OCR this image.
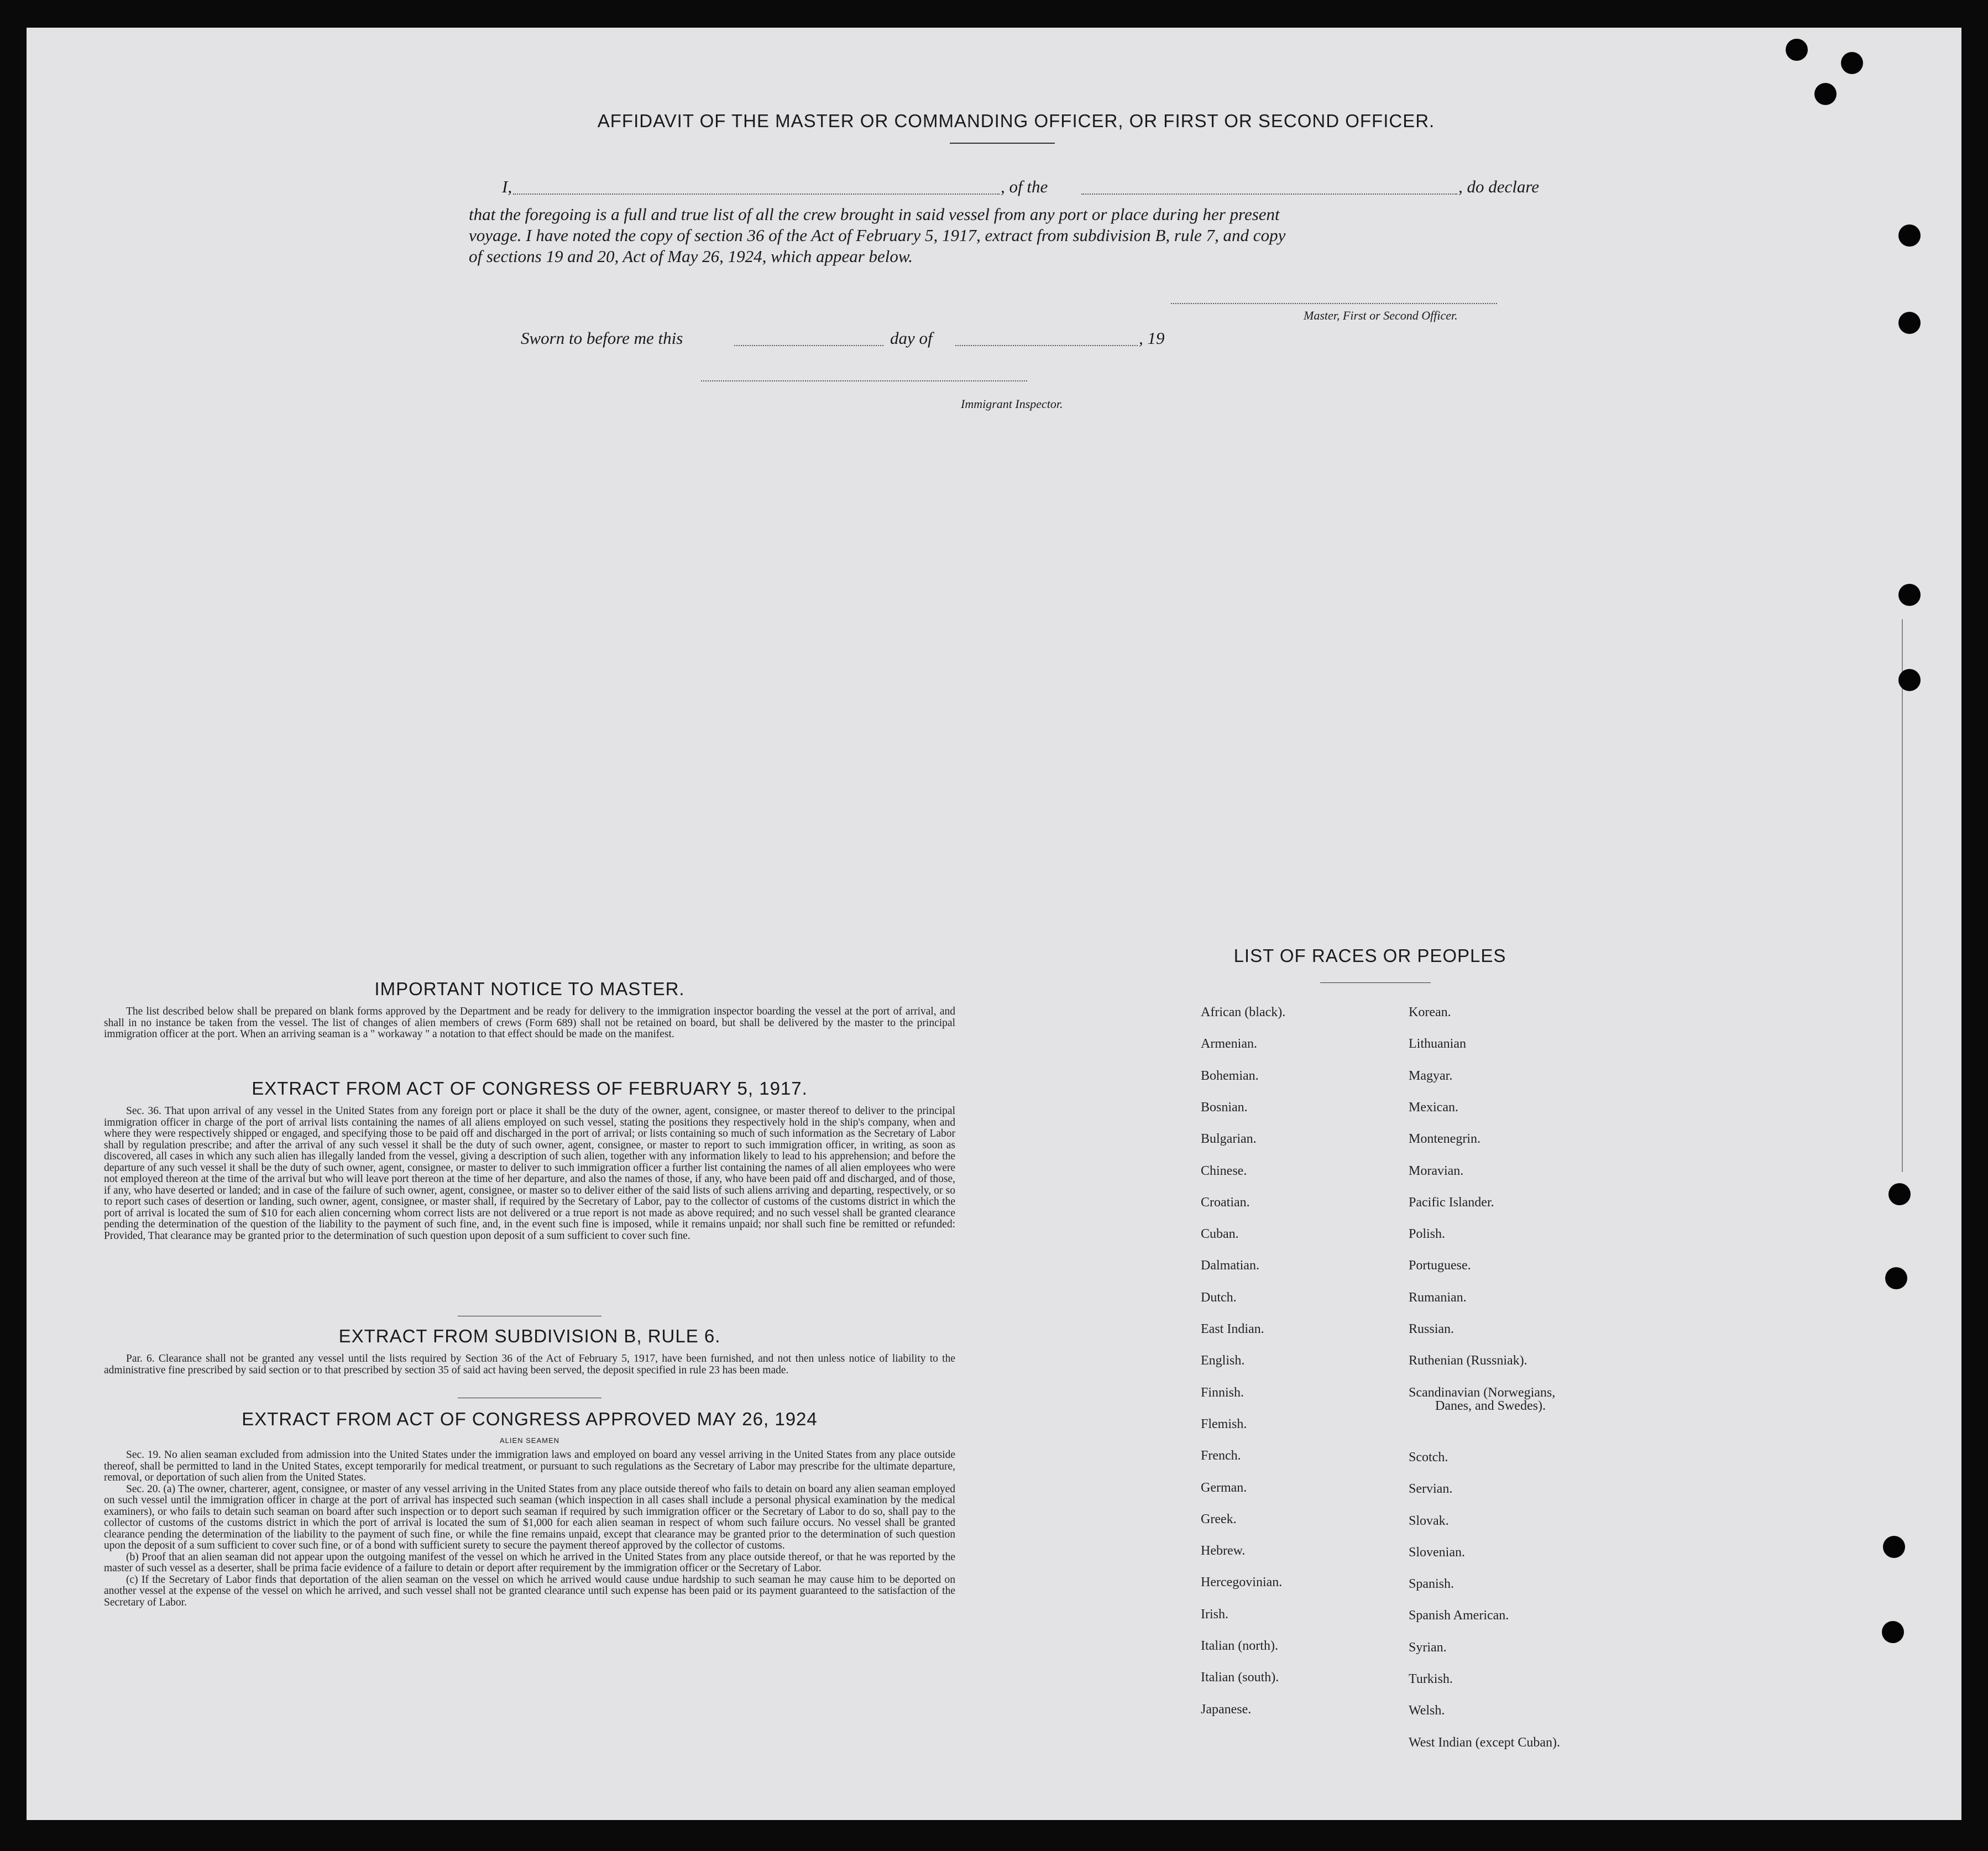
AFFIDAVIT OF THE MASTER OR COMMANDING OFFICER, OR FIRST OR SECOND OFFICER.
I,	, of the	, do declare
that the foregoing is a full and true list of all the crew brought in said vessel from any port or place during her present
voyage. I have noted the copy of section 36 of the Act of February 5, 1917, extract from subdivision B, rule 7, and copy
of sections 19 and 20, Act of May 26, 1924, which appear below.
Master, First or Second Officer.
Sworn to before me this	day of	, 19
Immigrant Inspector.
IMPORTANT NOTICE TO MASTER.

The list described below shall be prepared on blank forms approved by the Department and be ready for delivery to the immigration inspector boarding the vessel at the port of arrival, and shall in no instance be taken from the vessel. The list of changes of alien members of crews (Form 689) shall not be retained on board, but shall be delivered by the master to the principal immigration officer at the port. When an arriving seaman is a " workaway " a notation to that effect should be made on the manifest.

EXTRACT FROM ACT OF CONGRESS OF FEBRUARY 5, 1917.

Sec. 36. That upon arrival of any vessel in the United States from any foreign port or place it shall be the duty of the owner, agent, consignee, or master thereof to deliver to the principal immigration officer in charge of the port of arrival lists containing the names of all aliens employed on such vessel, stating the positions they respectively hold in the ship's company, when and where they were respectively shipped or engaged, and specifying those to be paid off and discharged in the port of arrival; or lists containing so much of such information as the Secretary of Labor shall by regulation prescribe; and after the arrival of any such vessel it shall be the duty of such owner, agent, consignee, or master to report to such immigration officer, in writing, as soon as discovered, all cases in which any such alien has illegally landed from the vessel, giving a description of such alien, together with any information likely to lead to his apprehension; and before the departure of any such vessel it shall be the duty of such owner, agent, consignee, or master to deliver to such immigration officer a further list containing the names of all alien employees who were not employed thereon at the time of the arrival but who will leave port thereon at the time of her departure, and also the names of those, if any, who have been paid off and discharged, and of those, if any, who have deserted or landed; and in case of the failure of such owner, agent, consignee, or master so to deliver either of the said lists of such aliens arriving and departing, respectively, or so to report such cases of desertion or landing, such owner, agent, consignee, or master shall, if required by the Secretary of Labor, pay to the collector of customs of the customs district in which the port of arrival is located the sum of $10 for each alien concerning whom correct lists are not delivered or a true report is not made as above required; and no such vessel shall be granted clearance pending the determination of the question of the liability to the payment of such fine, and, in the event such fine is imposed, while it remains unpaid; nor shall such fine be remitted or refunded: Provided, That clearance may be granted prior to the determination of such question upon deposit of a sum sufficient to cover such fine.

EXTRACT FROM SUBDIVISION B, RULE 6.

Par. 6. Clearance shall not be granted any vessel until the lists required by Section 36 of the Act of February 5, 1917, have been furnished, and not then unless notice of liability to the administrative fine prescribed by said section or to that prescribed by section 35 of said act having been served, the deposit specified in rule 23 has been made.

EXTRACT FROM ACT OF CONGRESS APPROVED MAY 26, 1924
ALIEN SEAMEN

Sec. 19. No alien seaman excluded from admission into the United States under the immigration laws and employed on board any vessel arriving in the United States from any place outside thereof, shall be permitted to land in the United States, except temporarily for medical treatment, or pursuant to such regulations as the Secretary of Labor may prescribe for the ultimate departure, removal, or deportation of such alien from the United States.

Sec. 20. (a) The owner, charterer, agent, consignee, or master of any vessel arriving in the United States from any place outside thereof who fails to detain on board any alien seaman employed on such vessel until the immigration officer in charge at the port of arrival has inspected such seaman (which inspection in all cases shall include a personal physical examination by the medical examiners), or who fails to detain such seaman on board after such inspection or to deport such seaman if required by such immigration officer or the Secretary of Labor to do so, shall pay to the collector of customs of the customs district in which the port of arrival is located the sum of $1,000 for each alien seaman in respect of whom such failure occurs. No vessel shall be granted clearance pending the determination of the liability to the payment of such fine, or while the fine remains unpaid, except that clearance may be granted prior to the determination of such question upon the deposit of a sum sufficient to cover such fine, or of a bond with sufficient surety to secure the payment thereof approved by the collector of customs.

(b) Proof that an alien seaman did not appear upon the outgoing manifest of the vessel on which he arrived in the United States from any place outside thereof, or that he was reported by the master of such vessel as a deserter, shall be prima facie evidence of a failure to detain or deport after requirement by the immigration officer or the Secretary of Labor.

(c) If the Secretary of Labor finds that deportation of the alien seaman on the vessel on which he arrived would cause undue hardship to such seaman he may cause him to be deported on another vessel at the expense of the vessel on which he arrived, and such vessel shall not be granted clearance until such expense has been paid or its payment guaranteed to the satisfaction of the Secretary of Labor.

LIST OF RACES OR PEOPLES
African (black).
Armenian.
Bohemian.
Bosnian.
Bulgarian.
Chinese.
Croatian.
Cuban.
Dalmatian.
Dutch.
East Indian.
English.
Finnish.
Flemish.
French.
German.
Greek.
Hebrew.
Hercegovinian.
Irish.
Italian (north).
Italian (south).
Japanese.
Korean.
Lithuanian
Magyar.
Mexican.
Montenegrin.
Moravian.
Pacific Islander.
Polish.
Portuguese.
Rumanian.
Russian.
Ruthenian (Russniak).
Scandinavian (Norwegians,
Danes, and Swedes).
Scotch.
Servian.
Slovak.
Slovenian.
Spanish.
Spanish American.
Syrian.
Turkish.
Welsh.
West Indian (except Cuban).
